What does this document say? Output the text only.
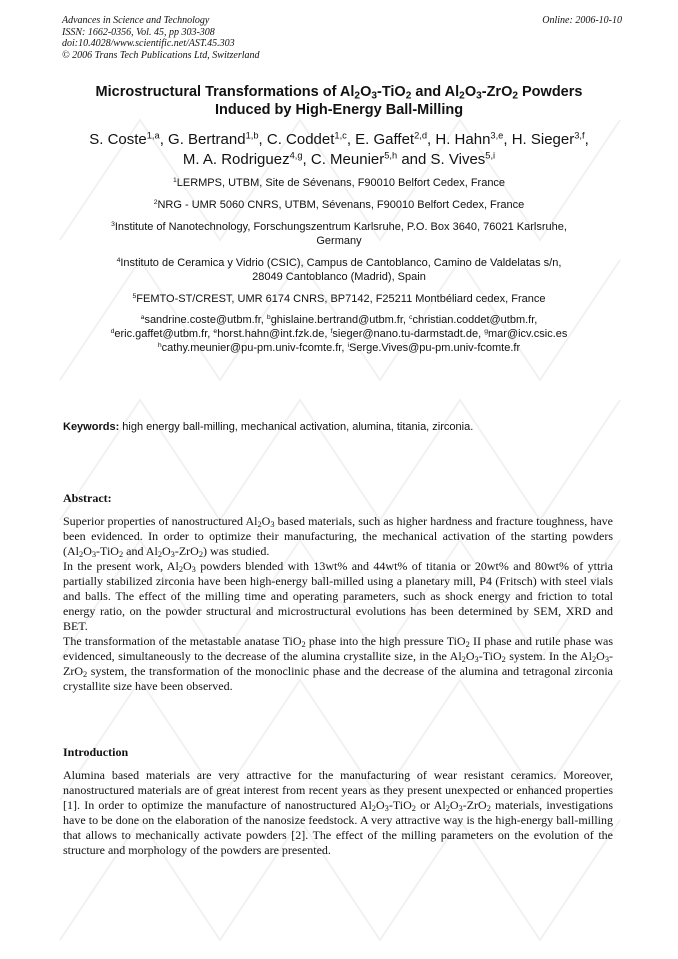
Advances in Science and Technology
ISSN: 1662-0356, Vol. 45, pp 303-308
doi:10.4028/www.scientific.net/AST.45.303
© 2006 Trans Tech Publications Ltd, Switzerland
Online: 2006-10-10
Microstructural Transformations of $Al_2O_3-TiO_2$ and $Al_2O_3-ZrO_2$ Powders
Induced by High-Energy Ball-Milling
S. Coste$^{1,a}$, G. Bertrand$^{1,b}$, C. Coddet$^{1,c}$, E. Gaffet$^{2,d}$, H. Hahn$^{3,e}$, H. Sieger$^{3,f}$,
M. A. Rodriguez$^{4,g}$, C. Meunier$^{5,h}$ and S. Vives$^{5,i}$
$^1$LERMPS, UTBM, Site de Sévenans, F90010 Belfort Cedex, France
$^2$NRG - UMR 5060 CNRS, UTBM, Sévenans, F90010 Belfort Cedex, France
$^3$Institute of Nanotechnology, Forschungszentrum Karlsruhe, P.O. Box 3640, 76021 Karlsruhe,
Germany
$^4$Instituto de Ceramica y Vidrio (CSIC), Campus de Cantoblanco, Camino de Valdelatas s/n,
28049 Cantoblanco (Madrid), Spain
$^5$FEMTO-ST/CREST, UMR 6174 CNRS, BP7142, F25211 Montbéliard cedex, France
$^a$sandrine.coste@utbm.fr, $^b$ghislaine.bertrand@utbm.fr, $^c$christian.coddet@utbm.fr,
$^d$eric.gaffet@utbm.fr, $^e$horst.hahn@int.fzk.de, $^f$sieger@nano.tu-darmstadt.de, $^g$mar@icv.csic.es
$^h$cathy.meunier@pu-pm.univ-fcomte.fr, $^i$Serge.Vives@pu-pm.univ-fcomte.fr
Keywords: high energy ball-milling, mechanical activation, alumina, titania, zirconia.
Abstract:

Superior properties of nanostructured $Al_2O_3$ based materials, such as higher hardness and fracture toughness, have been evidenced. In order to optimize their manufacturing, the mechanical activation of the starting powders ($Al_2O_3-TiO_2$ and $Al_2O_3-ZrO_2$) was studied.

In the present work, $Al_2O_3$ powders blended with 13wt% and 44wt% of titania or 20wt% and 80wt% of yttria partially stabilized zirconia have been high-energy ball-milled using a planetary mill, P4 (Fritsch) with steel vials and balls. The effect of the milling time and operating parameters, such as shock energy and friction to total energy ratio, on the powder structural and microstructural evolutions has been determined by SEM, XRD and BET.

The transformation of the metastable anatase TiO$_2$ phase into the high pressure TiO$_2$ II phase and rutile phase was evidenced, simultaneously to the decrease of the alumina crystallite size, in the $Al_2O_3-TiO_2$ system. In the $Al_2O_3-ZrO_2$ system, the transformation of the monoclinic phase and the decrease of the alumina and tetragonal zirconia crystallite size have been observed.

Introduction

Alumina based materials are very attractive for the manufacturing of wear resistant ceramics. Moreover, nanostructured materials are of great interest from recent years as they present unexpected or enhanced properties [1]. In order to optimize the manufacture of nanostructured $Al_2O_3-TiO_2$ or $Al_2O_3-ZrO_2$ materials, investigations have to be done on the elaboration of the nanosize feedstock. A very attractive way is the high-energy ball-milling that allows to mechanically activate powders [2]. The effect of the milling parameters on the evolution of the structure and morphology of the powders are presented.
